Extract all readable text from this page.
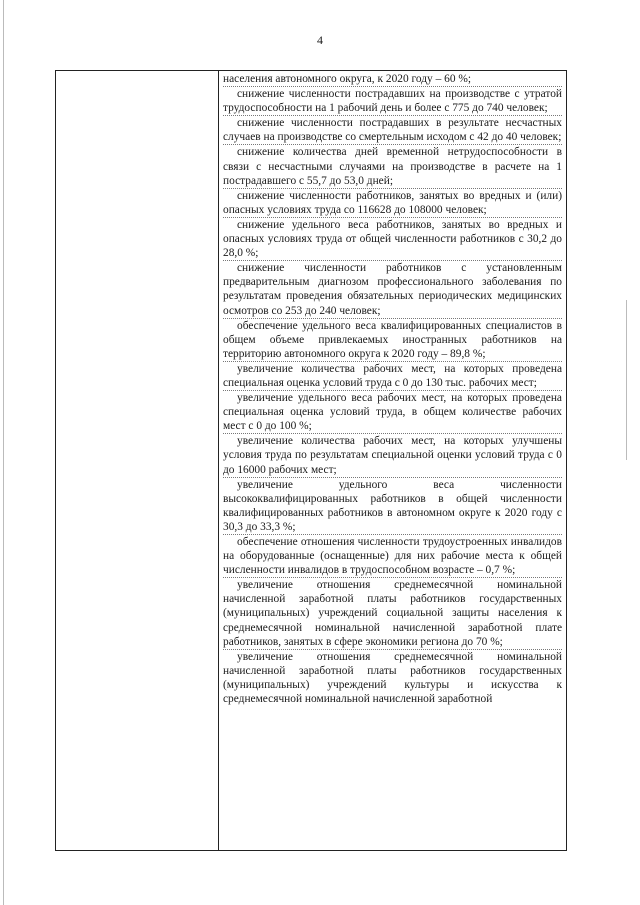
4
населения автономного округа, к 2020 году – 60 %;
снижение численности пострадавших на производстве с утратой трудоспособности на 1 рабочий день и более с 775 до 740 человек;
снижение численности пострадавших в результате несчастных случаев на производстве со смертельным исходом с 42 до 40 человек;
снижение количества дней временной нетрудоспособности в связи с несчастными случаями на производстве в расчете на 1 пострадавшего с 55,7 до 53,0 дней;
снижение численности работников, занятых во вредных и (или) опасных условиях труда со 116628 до 108000 человек;
снижение удельного веса работников, занятых во вредных и опасных условиях труда от общей численности работников с 30,2 до 28,0 %;
снижение численности работников с установленным предварительным диагнозом профессионального заболевания по результатам проведения обязательных периодических медицинских осмотров со 253 до 240 человек;
обеспечение удельного веса квалифицированных специалистов в общем объеме привлекаемых иностранных работников на территорию автономного округа к 2020 году – 89,8 %;
увеличение количества рабочих мест, на которых проведена специальная оценка условий труда с 0 до 130 тыс. рабочих мест;
увеличение удельного веса рабочих мест, на которых проведена специальная оценка условий труда, в общем количестве рабочих мест с 0 до 100 %;
увеличение количества рабочих мест, на которых улучшены условия труда по результатам специальной оценки условий труда с 0 до 16000 рабочих мест;
увеличение удельного веса численности высококвалифицированных работников в общей численности квалифицированных работников в автономном округе к 2020 году с 30,3 до 33,3 %;
обеспечение отношения численности трудоустроенных инвалидов на оборудованные (оснащенные) для них рабочие места к общей численности инвалидов в трудоспособном возрасте – 0,7 %;
увеличение отношения среднемесячной номинальной начисленной заработной платы работников государственных (муниципальных) учреждений социальной защиты населения к среднемесячной номинальной начисленной заработной плате работников, занятых в сфере экономики региона до 70 %;
увеличение отношения среднемесячной номинальной начисленной заработной платы работников государственных (муниципальных) учреждений культуры и искусства к среднемесячной номинальной начисленной заработной
